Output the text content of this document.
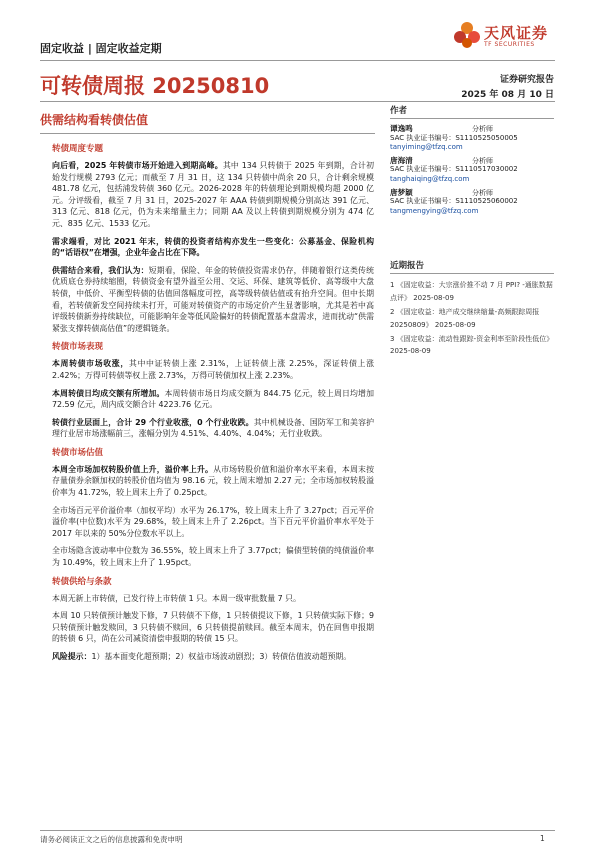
固定收益 | 固定收益定期
天风证券
TF SECURITIES
可转债周报 20250810	证券研究报告
2025 年 08 月 10 日
供需结构看转债估值
转债周度专题

向后看，2025 年转债市场开始进入到期高峰。其中 134 只转债于 2025 年到期，合计初始发行规模 2793 亿元；而截至 7 月 31 日，这 134 只转债中尚余 20 只，合计剩余规模 481.78 亿元，包括浦发转债 360 亿元。2026-2028 年的转债理论到期规模均超 2000 亿元。分评级看，截至 7 月 31 日，2025-2027 年 AAA 转债到期规模分别高达 391 亿元、313 亿元、818 亿元，仍为未来缩量主力；同期 AA 及以上转债到期规模分别为 474 亿元、835 亿元、1533 亿元。

需求端看，对比 2021 年末，转债的投资者结构亦发生一些变化：公募基金、保险机构的“话语权”在增强，企业年金占比在下降。

供需结合来看，我们认为：短期看，保险、年金的转债投资需求仍存，伴随着银行这类传统优质底仓券持续缩圈，转债资金有望外溢至公用、交运、环保、建筑等低价、高等级中大盘转债，中低价、平衡型转债的估值回落幅度可控，高等级转债估值或有抬升空间。但中长期看，若转债新发空间持续未打开，可能对转债资产的市场定价产生显著影响，尤其是若中高评级转债新券持续缺位，可能影响年金等低风险偏好的转债配置基本盘需求，进而扰动“供需紧张支撑转债高估值”的逻辑链条。

转债市场表现

本周转债市场收涨，其中中证转债上涨 2.31%，上证转债上涨 2.25%，深证转债上涨 2.42%；万得可转债等权上涨 2.73%，万得可转债加权上涨 2.23%。

本周转债日均成交额有所增加。本周转债市场日均成交额为 844.75 亿元，较上周日均增加 72.59 亿元，周内成交额合计 4223.76 亿元。

转债行业层面上，合计 29 个行业收涨，0 个行业收跌。其中机械设备、国防军工和美容护理行业居市场涨幅前三，涨幅分别为 4.51%、4.40%、4.04%；无行业收跌。

转债市场估值

本周全市场加权转股价值上升，溢价率上升。从市场转股价值和溢价率水平来看，本周末按存量债券余额加权的转股价值均值为 98.16 元，较上周末增加 2.27 元；全市场加权转股溢价率为 41.72%，较上周末上升了 0.25pct。

全市场百元平价溢价率（加权平均）水平为 26.17%，较上周末上升了 3.27pct；百元平价溢价率(中位数)水平为 29.68%，较上周末上升了 2.26pct。当下百元平价溢价率水平处于 2017 年以来的 50%分位数水平以上。

全市场隐含波动率中位数为 36.55%，较上周末上升了 3.77pct；偏债型转债的纯债溢价率为 10.49%，较上周末上升了 1.95pct。

转债供给与条款

本周无新上市转债，已发行待上市转债 1 只。本周一级审批数量 7 只。

本周 10 只转债预计触发下修，7 只转债不下修，1 只转债提议下修，1 只转债实际下修；9 只转债预计触发赎回，3 只转债不赎回，6 只转债提前赎回。截至本周末，仍在回售申报期的转债 6 只，尚在公司减资清偿申报期的转债 15 只。

风险提示：1）基本面变化超预期；2）权益市场波动剧烈；3）转债估值波动超预期。

作者
谭逸鸣	分析师
SAC 执业证书编号：S1110525050005
tanyiming@tfzq.com
唐海清	分析师
SAC 执业证书编号：S1110517030002
tanghaiqing@tfzq.com
唐梦颖	分析师
SAC 执业证书编号：S1110525060002
tangmengying@tfzq.com
近期报告
1 《固定收益：大宗涨价推不动 7 月 PPI? -通胀数据点评》 2025-08-09
2 《固定收益：地产成交继续缩量-高频跟踪周报 20250809》 2025-08-09
3 《固定收益：流动性跟踪-资金利率至阶段性低位》 2025-08-09
请务必阅读正文之后的信息披露和免责申明	1
